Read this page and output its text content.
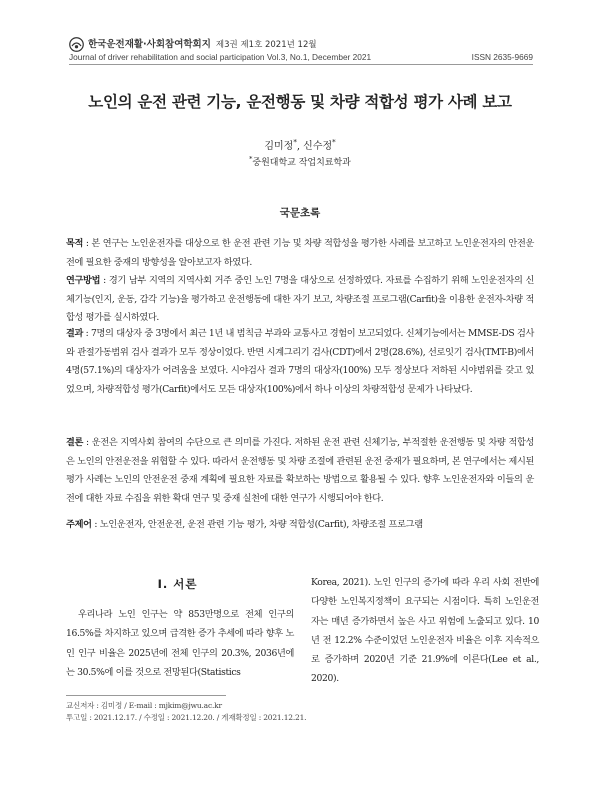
한국운전재활·사회참여학회지 제3권 제1호 2021년 12월
Journal of driver rehabilitation and social participation Vol.3, No.1, December 2021	ISSN 2635-9669
노인의 운전 관련 기능, 운전행동 및 차량 적합성 평가 사례 보고
김미정*, 신수정*
*중원대학교 작업치료학과
국문초록
목적 : 본 연구는 노인운전자를 대상으로 한 운전 관련 기능 및 차량 적합성을 평가한 사례를 보고하고 노인운전자의 안전운전에 필요한 중재의 방향성을 알아보고자 하였다.
연구방법 : 경기 남부 지역의 지역사회 거주 중인 노인 7명을 대상으로 선정하였다. 자료를 수집하기 위해 노인운전자의 신체기능(인지, 운동, 감각 기능)을 평가하고 운전행동에 대한 자기 보고, 차량조절 프로그램(Carfit)을 이용한 운전자-차량 적합성 평가를 실시하였다.
결과 : 7명의 대상자 중 3명에서 최근 1년 내 범칙금 부과와 교통사고 경험이 보고되었다. 신체기능에서는 MMSE-DS 검사와 관절가동범위 검사 결과가 모두 정상이었다. 반면 시계그리기 검사(CDT)에서 2명(28.6%), 선로잇기 검사(TMT-B)에서 4명(57.1%)의 대상자가 어려움을 보였다. 시야검사 결과 7명의 대상자(100%) 모두 정상보다 저하된 시야범위를 갖고 있었으며, 차량적합성 평가(Carfit)에서도 모든 대상자(100%)에서 하나 이상의 차량적합성 문제가 나타났다.
결론 : 운전은 지역사회 참여의 수단으로 큰 의미를 가진다. 저하된 운전 관련 신체기능, 부적절한 운전행동 및 차량 적합성은 노인의 안전운전을 위협할 수 있다. 따라서 운전행동 및 차량 조절에 관련된 운전 중재가 필요하며, 본 연구에서는 제시된 평가 사례는 노인의 안전운전 중재 계획에 필요한 자료를 확보하는 방법으로 활용될 수 있다. 향후 노인운전자와 이들의 운전에 대한 자료 수집을 위한 확대 연구 및 중재 실천에 대한 연구가 시행되어야 한다.
주제어 : 노인운전자, 안전운전, 운전 관련 기능 평가, 차량 적합성(Carfit), 차량조절 프로그램
Ⅰ. 서론
우리나라 노인 인구는 약 853만명으로 전체 인구의 16.5%를 차지하고 있으며 급격한 증가 추세에 따라 향후 노인 인구 비율은 2025년에 전체 인구의 20.3%, 2036년에는 30.5%에 이를 것으로 전망된다(Statistics
Korea, 2021). 노인 인구의 증가에 따라 우리 사회 전반에 다양한 노인복지정책이 요구되는 시점이다. 특히 노인운전자는 매년 증가하면서 높은 사고 위험에 노출되고 있다. 10년 전 12.2% 수준이었던 노인운전자 비율은 이후 지속적으로 증가하며 2020년 기준 21.9%에 이른다(Lee et al., 2020).
교신저자 : 김미정 / E-mail : mjkim@jwu.ac.kr
투고일 : 2021.12.17. / 수정일 : 2021.12.20. / 게재확정일 : 2021.12.21.
